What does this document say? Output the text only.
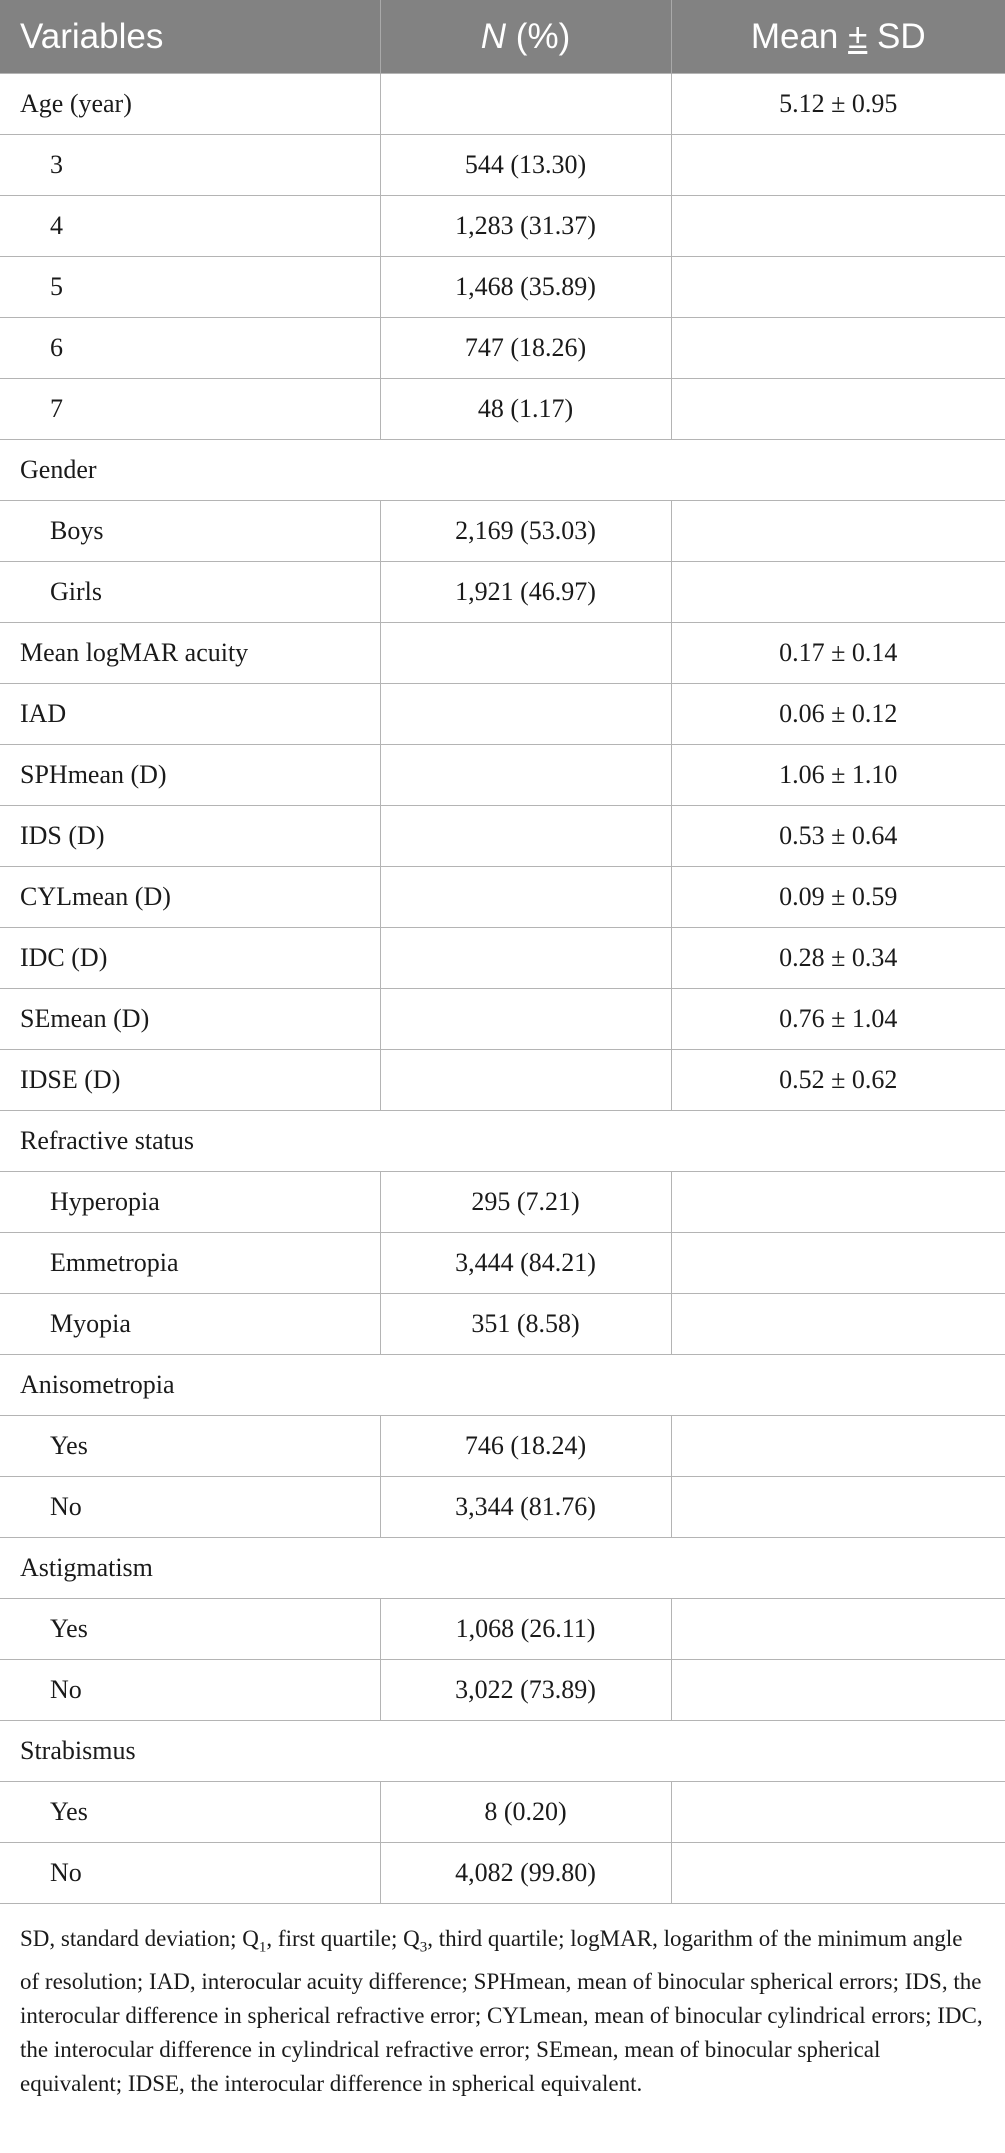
Variables	N (%)	Mean ± SD
Age (year)		5.12 ± 0.95
3	544 (13.30)	
4	1,283 (31.37)	
5	1,468 (35.89)	
6	747 (18.26)	
7	48 (1.17)	
Gender		
Boys	2,169 (53.03)	
Girls	1,921 (46.97)	
Mean logMAR acuity		0.17 ± 0.14
IAD		0.06 ± 0.12
SPHmean (D)		1.06 ± 1.10
IDS (D)		0.53 ± 0.64
CYLmean (D)		0.09 ± 0.59
IDC (D)		0.28 ± 0.34
SEmean (D)		0.76 ± 1.04
IDSE (D)		0.52 ± 0.62
Refractive status		
Hyperopia	295 (7.21)	
Emmetropia	3,444 (84.21)	
Myopia	351 (8.58)	
Anisometropia		
Yes	746 (18.24)	
No	3,344 (81.76)	
Astigmatism		
Yes	1,068 (26.11)	
No	3,022 (73.89)	
Strabismus		
Yes	8 (0.20)	
No	4,082 (99.80)	
SD, standard deviation; $Q_1$, first quartile; $Q_3$, third quartile; logMAR, logarithm of the minimum angle of resolution; IAD, interocular acuity difference; SPHmean, mean of binocular spherical errors; IDS, the interocular difference in spherical refractive error; CYLmean, mean of binocular cylindrical errors; IDC, the interocular difference in cylindrical refractive error; SEmean, mean of binocular spherical equivalent; IDSE, the interocular difference in spherical equivalent.
